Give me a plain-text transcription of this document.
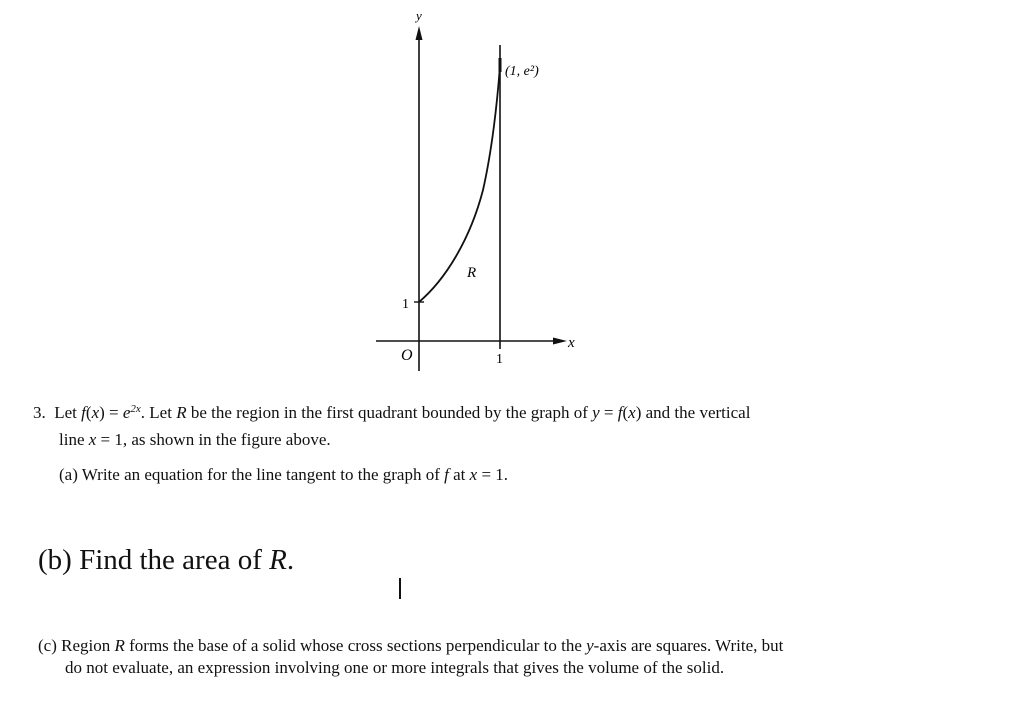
y
x
O
1
1
(1, e²)
R
3. Let $f(x) = e^{2x}$. Let R be the region in the first quadrant bounded by the graph of y = f(x) and the vertical
line x = 1, as shown in the figure above.
(a) Write an equation for the line tangent to the graph of f at x = 1.
(b) Find the area of R.
(c) Region R forms the base of a solid whose cross sections perpendicular to the y-axis are squares. Write, but
do not evaluate, an expression involving one or more integrals that gives the volume of the solid.
